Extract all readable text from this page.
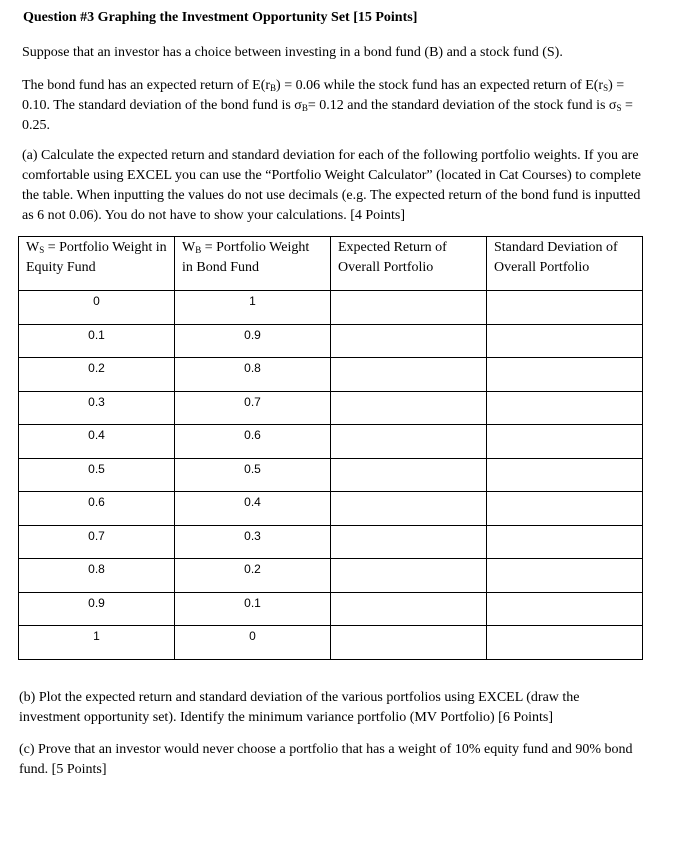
Question #3 Graphing the Investment Opportunity Set [15 Points]

Suppose that an investor has a choice between investing in a bond fund (B) and a stock fund (S).

The bond fund has an expected return of $E(r_B) = 0.06$ while the stock fund has an expected return of $E(r_S) = 0.10$. The standard deviation of the bond fund is $\sigma_B= 0.12$ and the standard deviation of the stock fund is $\sigma_S = 0.25$.

(a) Calculate the expected return and standard deviation for each of the following portfolio weights. If you are comfortable using EXCEL you can use the “Portfolio Weight Calculator” (located in Cat Courses) to complete the table. When inputting the values do not use decimals (e.g. The expected return of the bond fund is inputted as 6 not 0.06). You do not have to show your calculations. [4 Points]

$W_S$ = Portfolio Weight in Equity Fund	$W_B$ = Portfolio Weight in Bond Fund	Expected Return of Overall Portfolio	Standard Deviation of Overall Portfolio
0	1		
0.1	0.9		
0.2	0.8		
0.3	0.7		
0.4	0.6		
0.5	0.5		
0.6	0.4		
0.7	0.3		
0.8	0.2		
0.9	0.1		
1	0		

(b) Plot the expected return and standard deviation of the various portfolios using EXCEL (draw the investment opportunity set). Identify the minimum variance portfolio (MV Portfolio) [6 Points]

(c) Prove that an investor would never choose a portfolio that has a weight of 10% equity fund and 90% bond fund. [5 Points]
